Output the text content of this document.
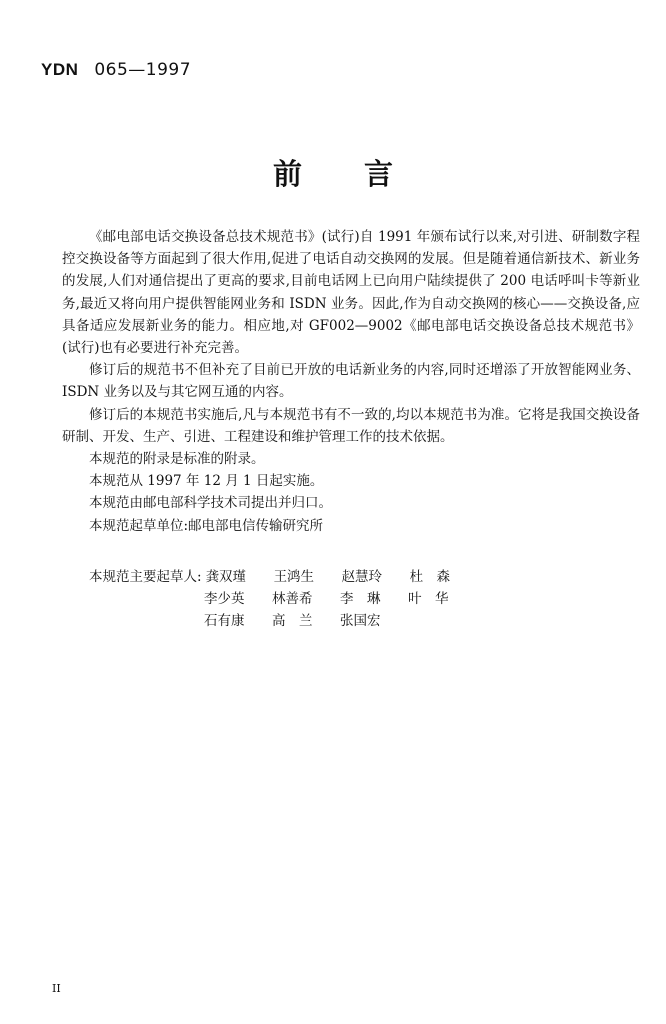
YDN 065—1997
前 言

《邮电部电话交换设备总技术规范书》(试行)自 1991 年颁布试行以来,对引进、研制数字程控交换设备等方面起到了很大作用,促进了电话自动交换网的发展。但是随着通信新技术、新业务的发展,人们对通信提出了更高的要求,目前电话网上已向用户陆续提供了 200 电话呼叫卡等新业务,最近又将向用户提供智能网业务和 ISDN 业务。因此,作为自动交换网的核心——交换设备,应具备适应发展新业务的能力。相应地,对 GF002—9002《邮电部电话交换设备总技术规范书》(试行)也有必要进行补充完善。

修订后的规范书不但补充了目前已开放的电话新业务的内容,同时还增添了开放智能网业务、ISDN 业务以及与其它网互通的内容。

修订后的本规范书实施后,凡与本规范书有不一致的,均以本规范书为准。它将是我国交换设备研制、开发、生产、引进、工程建设和维护管理工作的技术依据。

本规范的附录是标准的附录。

本规范从 1997 年 12 月 1 日起实施。

本规范由邮电部科学技术司提出并归口。

本规范起草单位:邮电部电信传输研究所

本规范主要起草人: 龚双瑾	王鸿生	赵慧玲	杜　森
李少英	林善希	李　琳	叶　华
石有康	高　兰	张国宏
II
